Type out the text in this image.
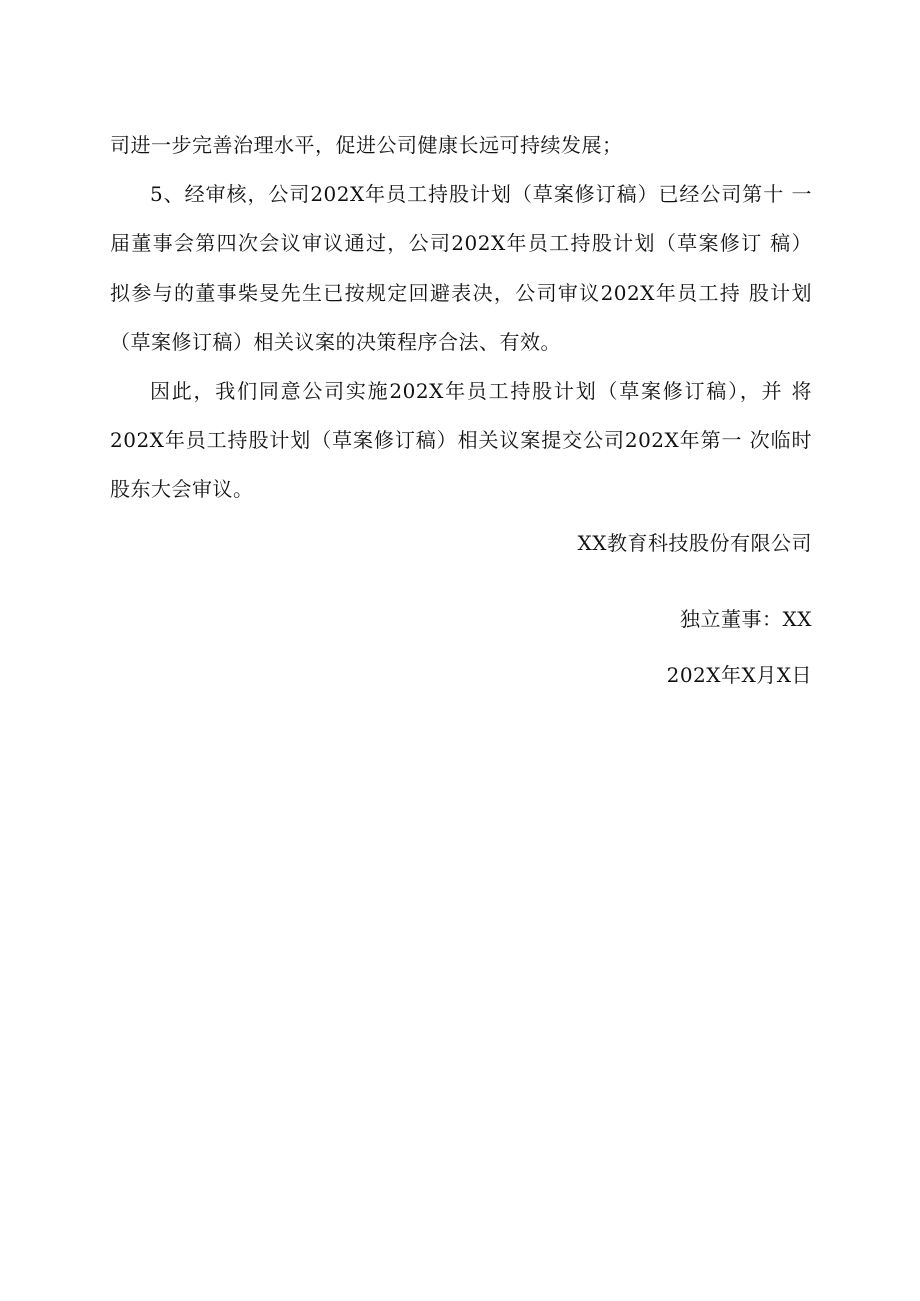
司进一步完善治理水平，促进公司健康长远可持续发展；
5、经审核，公司202X年员工持股计划（草案修订稿）已经公司第十 一
届董事会第四次会议审议通过，公司202X年员工持股计划（草案修订 稿）
拟参与的董事柴旻先生已按规定回避表决，公司审议202X年员工持 股计划
（草案修订稿）相关议案的决策程序合法、有效。
因此，我们同意公司实施202X年员工持股计划（草案修订稿），并 将
202X年员工持股计划（草案修订稿）相关议案提交公司202X年第一 次临时
股东大会审议。
XX教育科技股份有限公司
独立董事：XX
202X年X月X日
